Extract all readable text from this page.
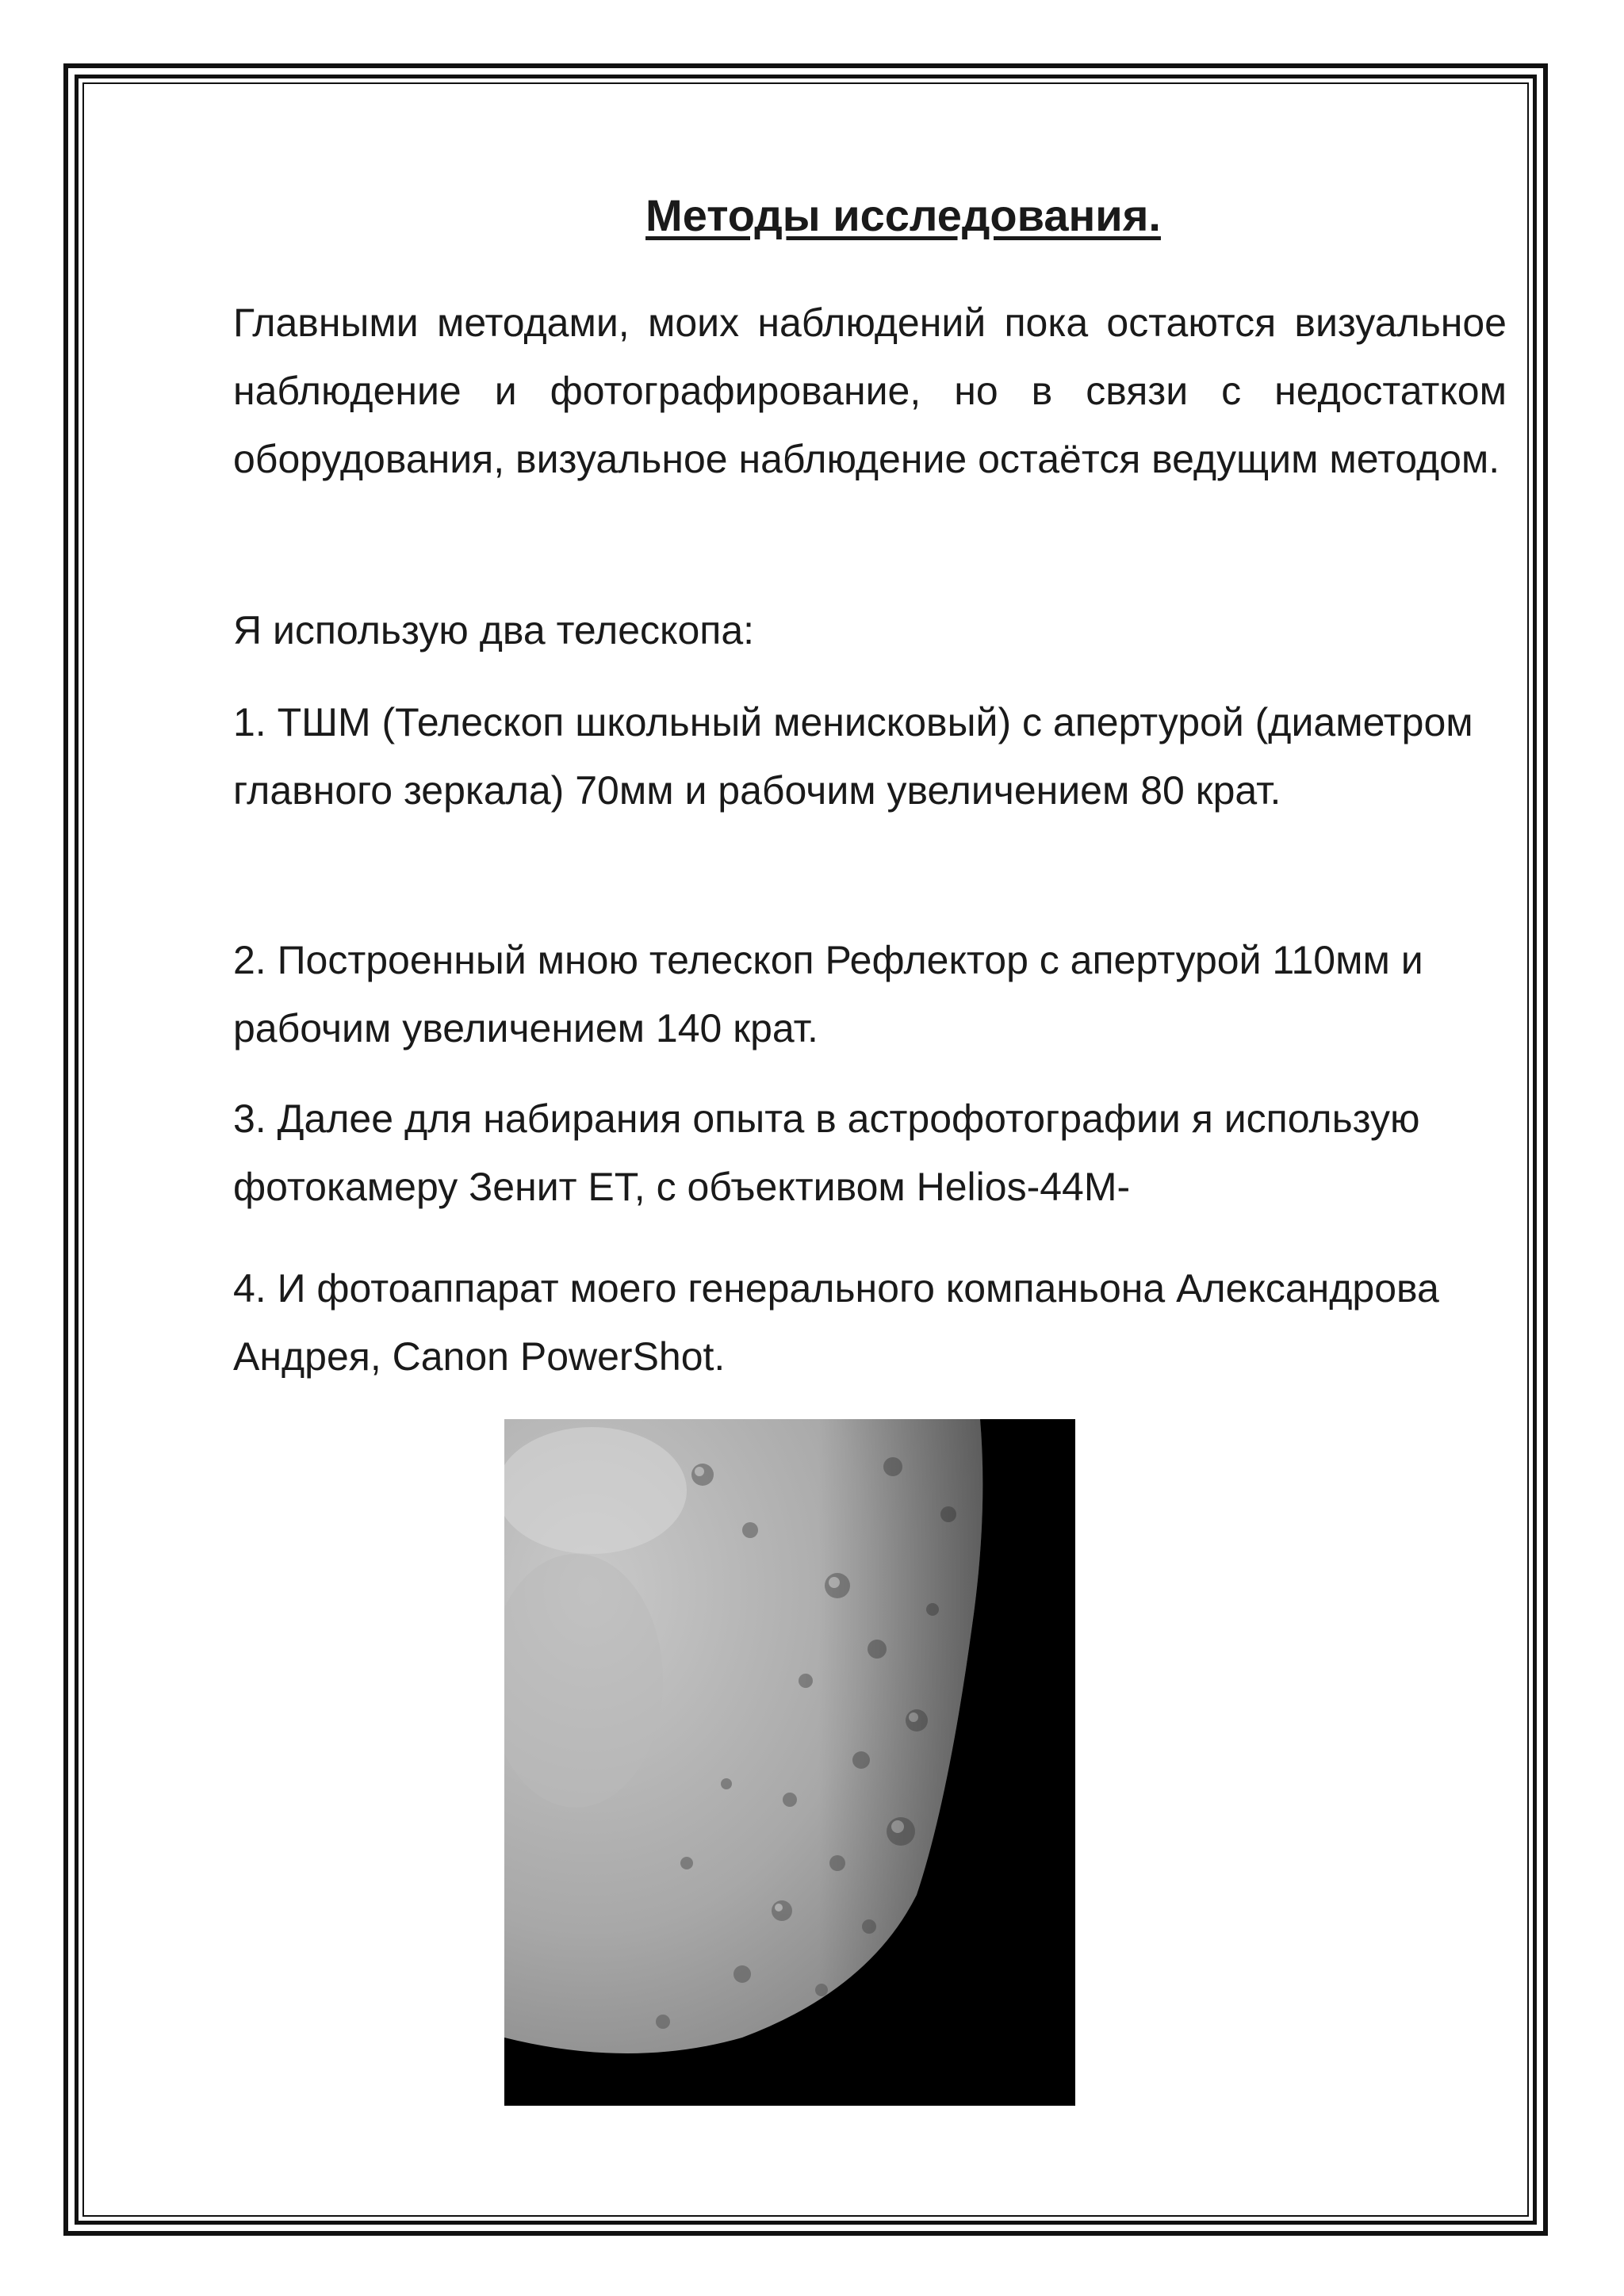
Методы исследования.

Главными методами, моих наблюдений пока остаются визуальное наблюдение и фотографирование, но в связи с недостатком оборудования, визуальное наблюдение остаётся ведущим методом.

Я использую два телескопа:

1. ТШМ (Телескоп школьный менисковый) с апертурой (диаметром главного зеркала) 70мм и рабочим увеличением 80 крат.

2. Построенный мною телескоп Рефлектор с апертурой 110мм и рабочим увеличением 140 крат.

3. Далее для набирания опыта в астрофотографии я использую фотокамеру Зенит ЕТ, с объективом Helios-44M-

4. И фотоаппарат моего генерального компаньона Александрова Андрея, Canon PowerShot.
